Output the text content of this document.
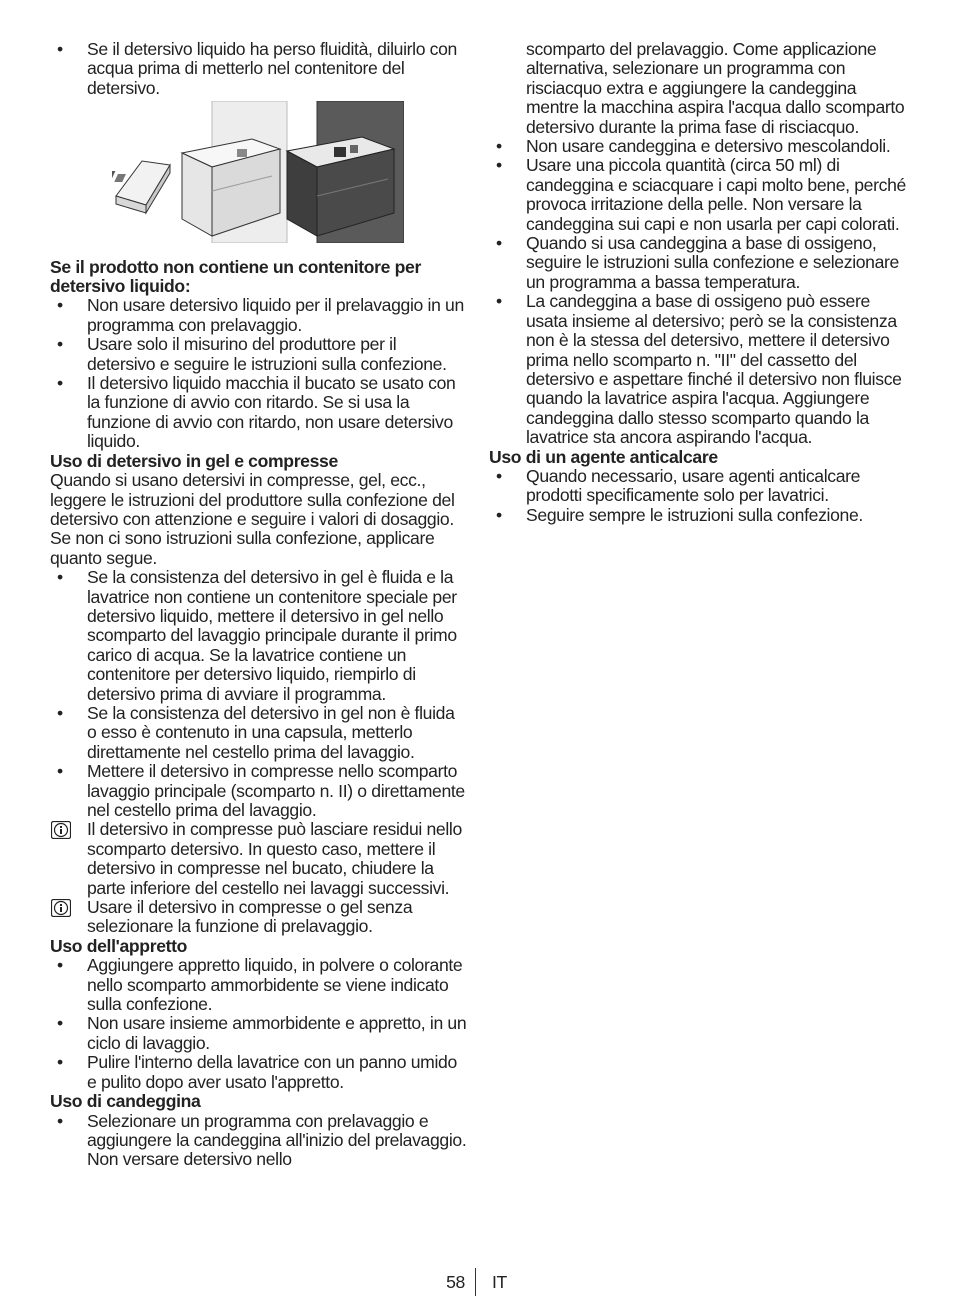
• Se il detersivo liquido ha perso fluidità, diluirlo con acqua prima di metterlo nel contenitore del detersivo.
Se il prodotto non contiene un contenitore per detersivo liquido:
• Non usare detersivo liquido per il prelavaggio in un programma con prelavaggio.
• Usare solo il misurino del produttore per il detersivo e seguire le istruzioni sulla confezione.
• Il detersivo liquido macchia il bucato se usato con la funzione di avvio con ritardo. Se si usa la funzione di avvio con ritardo, non usare detersivo liquido.
Uso di detersivo in gel e compresse

Quando si usano detersivi in compresse, gel, ecc., leggere le istruzioni del produttore sulla confezione del detersivo con attenzione e seguire i valori di dosaggio. Se non ci sono istruzioni sulla confezione, applicare quanto segue.

• Se la consistenza del detersivo in gel è fluida e la lavatrice non contiene un contenitore speciale per detersivo liquido, mettere il detersivo in gel nello scomparto del lavaggio principale durante il primo carico di acqua. Se la lavatrice contiene un contenitore per detersivo liquido, riempirlo di detersivo prima di avviare il programma.
• Se la consistenza del detersivo in gel non è fluida o esso è contenuto in una capsula, metterlo direttamente nel cestello prima del lavaggio.
• Mettere il detersivo in compresse nello scomparto lavaggio principale (scomparto n. II) o direttamente nel cestello prima del lavaggio.
Il detersivo in compresse può lasciare residui nello scomparto detersivo. In questo caso, mettere il detersivo in compresse nel bucato, chiudere la parte inferiore del cestello nei lavaggi successivi.
Usare il detersivo in compresse o gel senza selezionare la funzione di prelavaggio.
Uso dell'appretto
• Aggiungere appretto liquido, in polvere o colorante nello scomparto ammorbidente se viene indicato sulla confezione.
• Non usare insieme ammorbidente e appretto, in un ciclo di lavaggio.
• Pulire l'interno della lavatrice con un panno umido e pulito dopo aver usato l'appretto.
Uso di candeggina
• Selezionare un programma con prelavaggio e aggiungere la candeggina all'inizio del prelavaggio. Non versare detersivo nello

scomparto del prelavaggio. Come applicazione alternativa, selezionare un programma con risciacquo extra e aggiungere la candeggina mentre la macchina aspira l'acqua dallo scomparto detersivo durante la prima fase di risciacquo.

• Non usare candeggina e detersivo mescolandoli.
• Usare una piccola quantità (circa 50 ml) di candeggina e sciacquare i capi molto bene, perché provoca irritazione della pelle. Non versare la candeggina sui capi e non usarla per capi colorati.
• Quando si usa candeggina a base di ossigeno, seguire le istruzioni sulla confezione e selezionare un programma a bassa temperatura.
• La candeggina a base di ossigeno può essere usata insieme al detersivo; però se la consistenza non è la stessa del detersivo, mettere il detersivo prima nello scomparto n. "II" del cassetto del detersivo e aspettare finché il detersivo non fluisce quando la lavatrice aspira l'acqua. Aggiungere candeggina dallo stesso scomparto quando la lavatrice sta ancora aspirando l'acqua.
Uso di un agente anticalcare
• Quando necessario, usare agenti anticalcare prodotti specificamente solo per lavatrici.
• Seguire sempre le istruzioni sulla confezione.
58 IT
